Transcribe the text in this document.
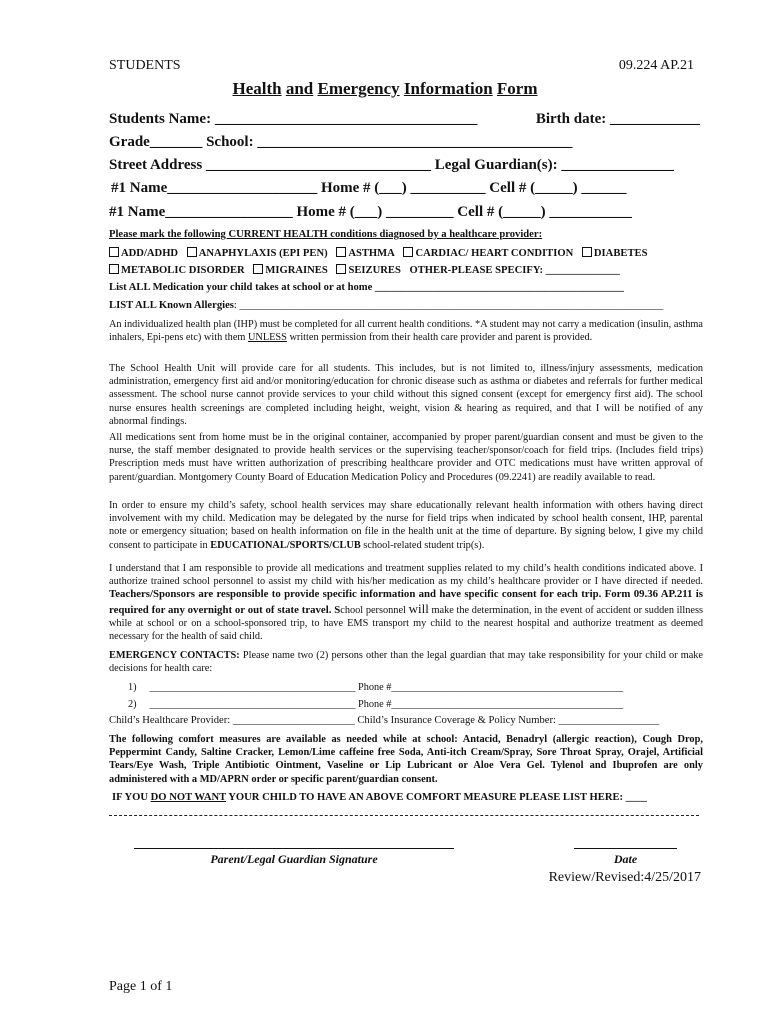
STUDENTS	09.224 AP.21
Health and Emergency Information Form
Students Name: ___________________________________	Birth date: ____________
Grade_______ School: __________________________________________
Street Address ______________________________ Legal Guardian(s): _______________
#1 Name____________________ Home # (___) __________ Cell # (_____) ______
#1 Name_________________ Home # (___) _________ Cell # (_____) ___________
Please mark the following CURRENT HEALTH conditions diagnosed by a healthcare provider:
ADD/ADHD ANAPHYLAXIS (EPI PEN) ASTHMA CARDIAC/ HEART CONDITION DIABETES
METABOLIC DISORDER MIGRAINES SEIZURES OTHER-PLEASE SPECIFY: ______________
List ALL Medication your child takes at school or at home _______________________________________________
LIST ALL Known Allergies: ________________________________________________________________________________
An individualized health plan (IHP) must be completed for all current health conditions. *A student may not carry a medication (insulin, asthma inhalers, Epi-pens etc) with them UNLESS written permission from their health care provider and parent is provided.
The School Health Unit will provide care for all students. This includes, but is not limited to, illness/injury assessments, medication administration, emergency first aid and/or monitoring/education for chronic disease such as asthma or diabetes and referrals for further medical assessment. The school nurse cannot provide services to your child without this signed consent (except for emergency first aid). The school nurse ensures health screenings are completed including height, weight, vision & hearing as required, and that I will be notified of any abnormal findings.
All medications sent from home must be in the original container, accompanied by proper parent/guardian consent and must be given to the nurse, the staff member designated to provide health services or the supervising teacher/sponsor/coach for field trips. (Includes field trips) Prescription meds must have written authorization of prescribing healthcare provider and OTC medications must have written approval of parent/guardian. Montgomery County Board of Education Medication Policy and Procedures (09.2241) are readily available to read.
In order to ensure my child’s safety, school health services may share educationally relevant health information with others having direct involvement with my child. Medication may be delegated by the nurse for field trips when indicated by school health consent, IHP, parental note or emergency situation; based on health information on file in the health unit at the time of departure. By signing below, I give my child consent to participate in EDUCATIONAL/SPORTS/CLUB school-related student trip(s).
I understand that I am responsible to provide all medications and treatment supplies related to my child’s health conditions indicated above. I authorize trained school personnel to assist my child with his/her medication as my child’s healthcare provider or I have directed if needed. Teachers/Sponsors are responsible to provide specific information and have specific consent for each trip. Form 09.36 AP.211 is required for any overnight or out of state travel. School personnel will make the determination, in the event of accident or sudden illness while at school or on a school-sponsored trip, to have EMS transport my child to the nearest hospital and authorize treatment as deemed necessary for the health of said child.
EMERGENCY CONTACTS: Please name two (2) persons other than the legal guardian that may take responsibility for your child or make decisions for health care:
1) ________________________________________ Phone #_____________________________________________
2) ________________________________________ Phone #_____________________________________________
Child’s Healthcare Provider: _______________________ Child’s Insurance Coverage & Policy Number: ___________________
The following comfort measures are available as needed while at school: Antacid, Benadryl (allergic reaction), Cough Drop, Peppermint Candy, Saltine Cracker, Lemon/Lime caffeine free Soda, Anti-itch Cream/Spray, Sore Throat Spray, Orajel, Artificial Tears/Eye Wash, Triple Antibiotic Ointment, Vaseline or Lip Lubricant or Aloe Vera Gel. Tylenol and Ibuprofen are only administered with a MD/APRN order or specific parent/guardian consent.
IF YOU DO NOT WANT YOUR CHILD TO HAVE AN ABOVE COMFORT MEASURE PLEASE LIST HERE: ____
Parent/Legal Guardian Signature	Date
Review/Revised:4/25/2017
Page 1 of 1
